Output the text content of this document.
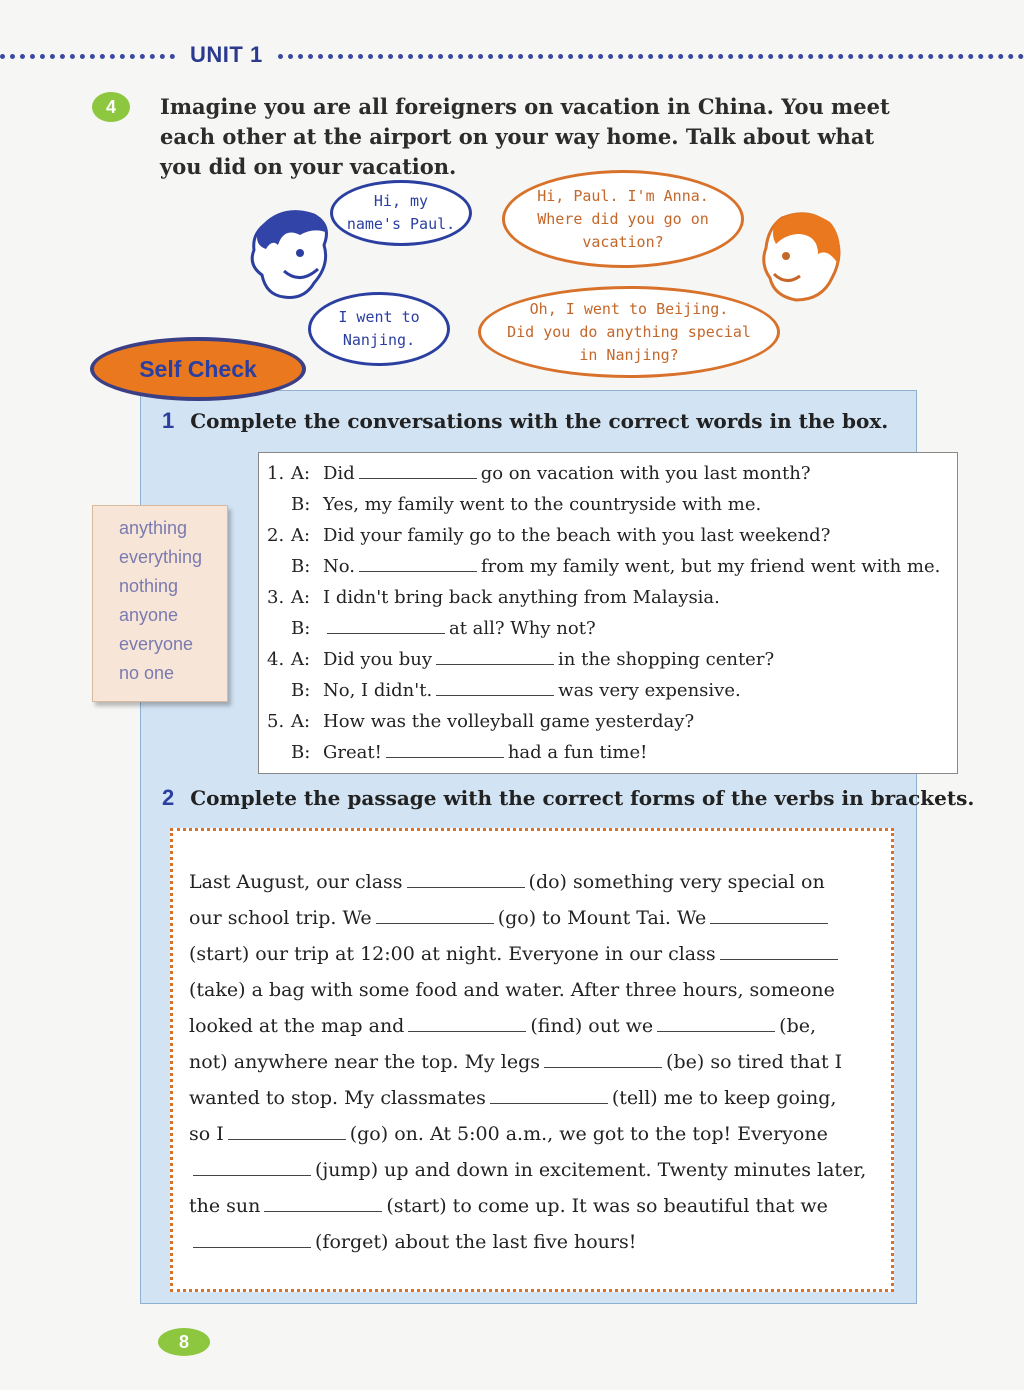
UNIT 1
4	Imagine you are all foreigners on vacation in China. You meet each other at the airport on your way home. Talk about what you did on your vacation.
Hi, my
name's Paul.
Hi, Paul. I'm Anna.
Where did you go on
vacation?
I went to
Nanjing.
Oh, I went to Beijing.
Did you do anything special
in Nanjing?
Self Check
1 Complete the conversations with the correct words in the box.
anything
everything
nothing
anyone
everyone
no one
1. A: Did	go on vacation with you last month?
B: Yes, my family went to the countryside with me.
2. A: Did your family go to the beach with you last weekend?
B: No.	from my family went, but my friend went with me.
3. A: I didn't bring back anything from Malaysia.
B:	at all? Why not?
4. A: Did you buy	in the shopping center?
B: No, I didn't.	was very expensive.
5. A: How was the volleyball game yesterday?
B: Great!	had a fun time!
2 Complete the passage with the correct forms of the verbs in brackets.
Last August, our class	(do) something very special on
our school trip. We	(go) to Mount Tai. We
(start) our trip at 12:00 at night. Everyone in our class
(take) a bag with some food and water. After three hours, someone
looked at the map and	(find) out we	(be,
not) anywhere near the top. My legs	(be) so tired that I
wanted to stop. My classmates	(tell) me to keep going,
so I	(go) on. At 5:00 a.m., we got to the top! Everyone
(jump) up and down in excitement. Twenty minutes later,
the sun	(start) to come up. It was so beautiful that we
(forget) about the last five hours!
8
